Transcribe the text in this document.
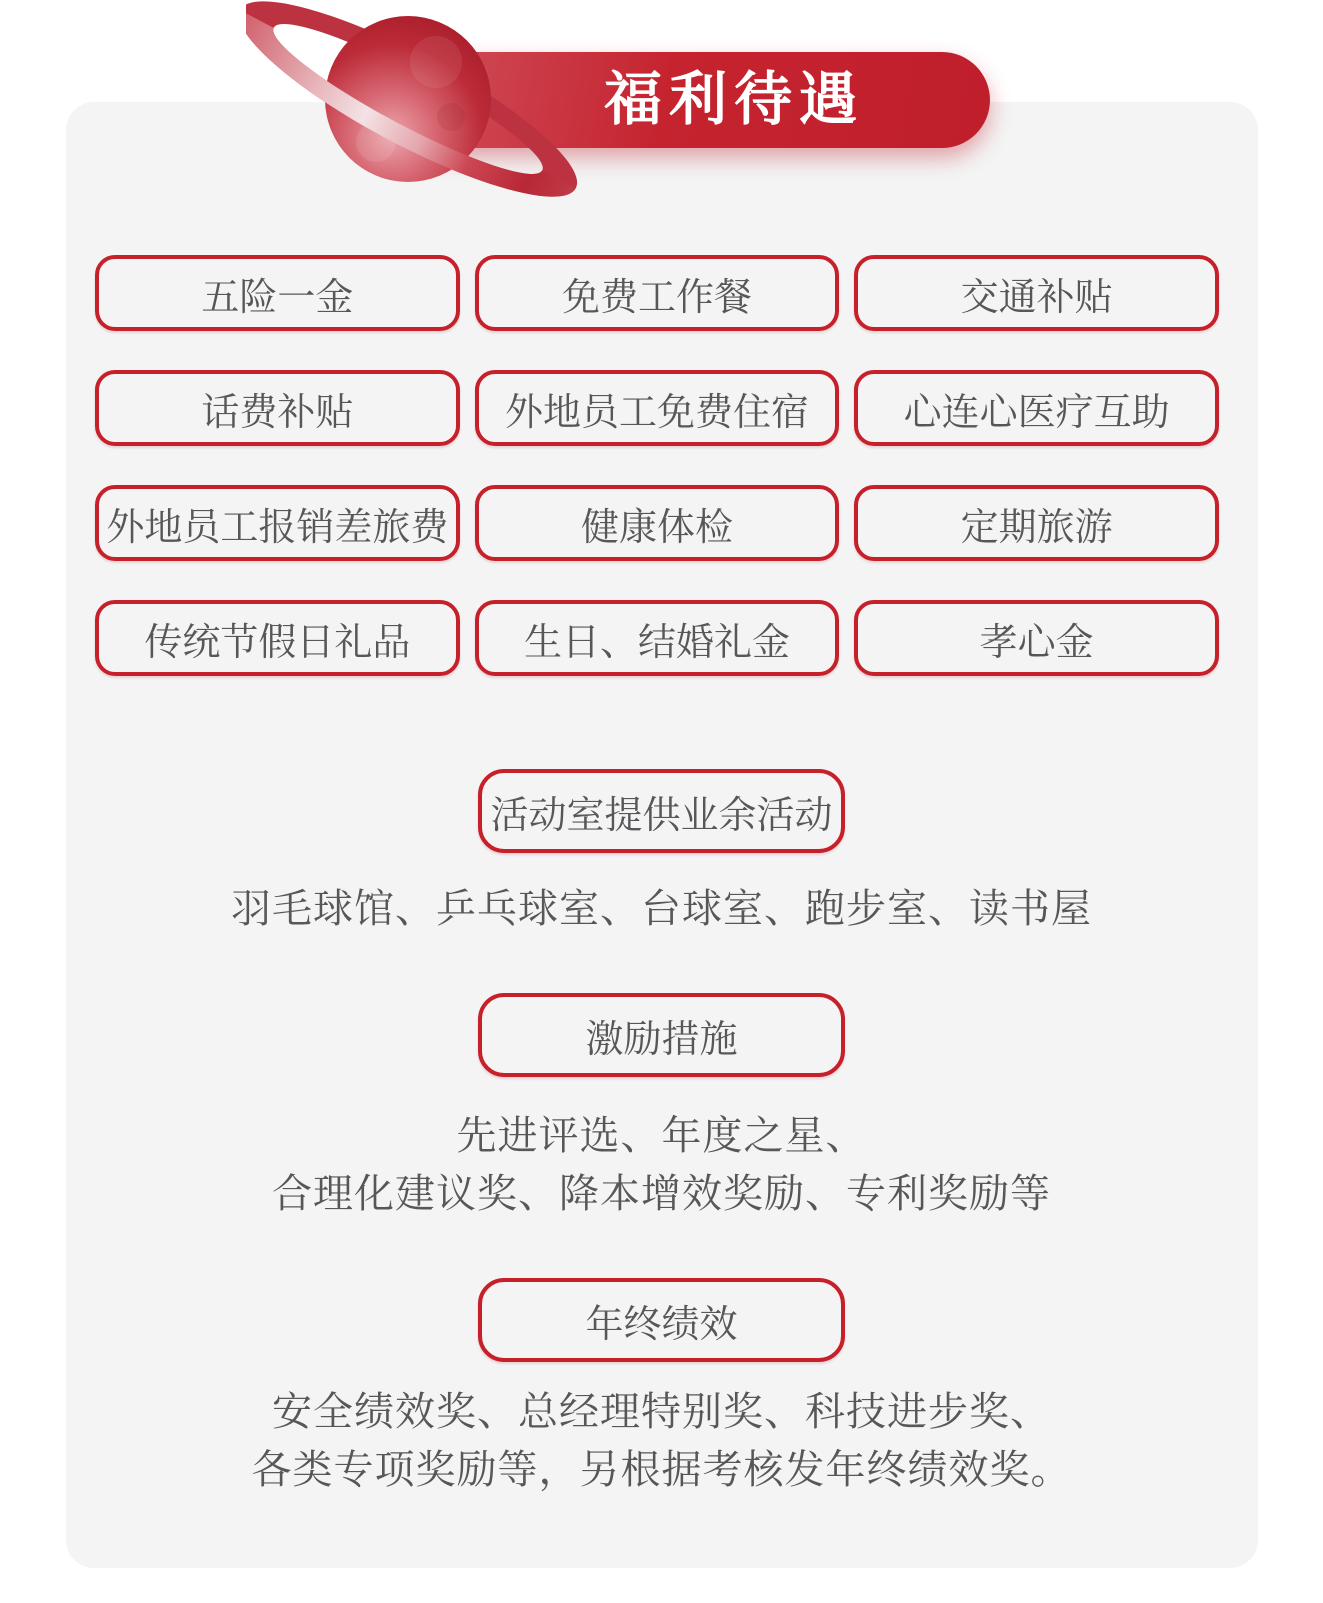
福利待遇
五险一金	免费工作餐	交通补贴
话费补贴	外地员工免费住宿	心连心医疗互助
外地员工报销差旅费	健康体检	定期旅游
传统节假日礼品	生日、结婚礼金	孝心金
活动室提供业余活动
羽毛球馆、乒乓球室、台球室、跑步室、读书屋
激励措施
先进评选、年度之星、
合理化建议奖、降本增效奖励、专利奖励等
年终绩效
安全绩效奖、总经理特别奖、科技进步奖、
各类专项奖励等，另根据考核发年终绩效奖。
